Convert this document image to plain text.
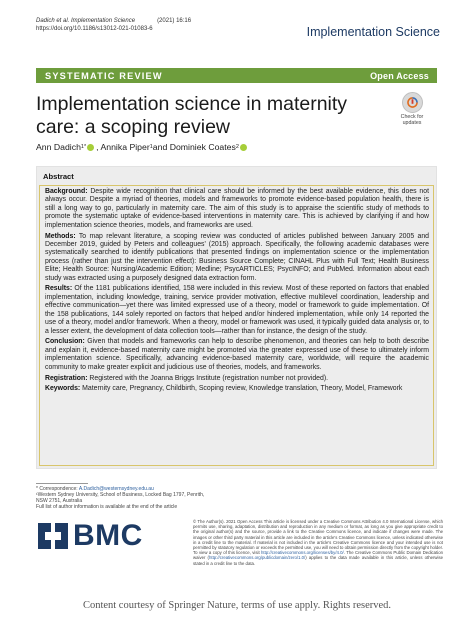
Dadich et al. Implementation Science	(2021) 16:16
https://doi.org/10.1186/s13012-021-01083-6	Implementation Science
SYSTEMATIC REVIEW	Open Access
Implementation science in maternity care: a scoping review	Check for
updates
Ann Dadich 1* , Annika Piper 1 and Dominiek Coates 2
Abstract

Background: Despite wide recognition that clinical care should be informed by the best available evidence, this does not always occur. Despite a myriad of theories, models and frameworks to promote evidence-based population health, there is still a long way to go, particularly in maternity care. The aim of this study is to appraise the scientific study of methods to promote the systematic uptake of evidence-based interventions in maternity care. This is achieved by clarifying if and how implementation science theories, models, and frameworks are used.

Methods: To map relevant literature, a scoping review was conducted of articles published between January 2005 and December 2019, guided by Peters and colleagues' (2015) approach. Specifically, the following academic databases were systematically searched to identify publications that presented findings on implementation science or the implementation process (rather than just the intervention effect): Business Source Complete; CINAHL Plus with Full Text; Health Business Elite; Health Source: Nursing/Academic Edition; Medline; PsycARTICLES; PsycINFO; and PubMed. Information about each study was extracted using a purposely designed data extraction form.

Results: Of the 1181 publications identified, 158 were included in this review. Most of these reported on factors that enabled implementation, including knowledge, training, service provider motivation, effective multilevel coordination, leadership and effective communication—yet there was limited expressed use of a theory, model or framework to guide implementation. Of the 158 publications, 144 solely reported on factors that helped and/or hindered implementation, while only 14 reported the use of a theory, model and/or framework. When a theory, model or framework was used, it typically guided data analysis or, to a lesser extent, the development of data collection tools—rather than for instance, the design of the study.

Conclusion: Given that models and frameworks can help to describe phenomenon, and theories can help to both describe and explain it, evidence-based maternity care might be promoted via the greater expressed use of these to ultimately inform implementation science. Specifically, advancing evidence-based maternity care, worldwide, will require the academic community to make greater explicit and judicious use of theories, models, and frameworks.

Registration: Registered with the Joanna Briggs Institute (registration number not provided).

Keywords: Maternity care, Pregnancy, Childbirth, Scoping review, Knowledge translation, Theory, Model, Framework

* Correspondence: A.Dadich@westernsydney.edu.au
¹Western Sydney University, School of Business, Locked Bag 1797, Penrith, NSW 2751, Australia
Full list of author information is available at the end of the article
BMC	© The Author(s). 2021 Open Access This article is licensed under a Creative Commons Attribution 4.0 International License, which permits use, sharing, adaptation, distribution and reproduction in any medium or format, as long as you give appropriate credit to the original author(s) and the source, provide a link to the Creative Commons licence, and indicate if changes were made. The images or other third party material in this article are included in the article's Creative Commons licence, unless indicated otherwise in a credit line to the material. If material is not included in the article's Creative Commons licence and your intended use is not permitted by statutory regulation or exceeds the permitted use, you will need to obtain permission directly from the copyright holder. To view a copy of this licence, visit http://creativecommons.org/licenses/by/4.0/. The Creative Commons Public Domain Dedication waiver (http://creativecommons.org/publicdomain/zero/1.0/) applies to the data made available in this article, unless otherwise stated in a credit line to the data.
Content courtesy of Springer Nature, terms of use apply. Rights reserved.
